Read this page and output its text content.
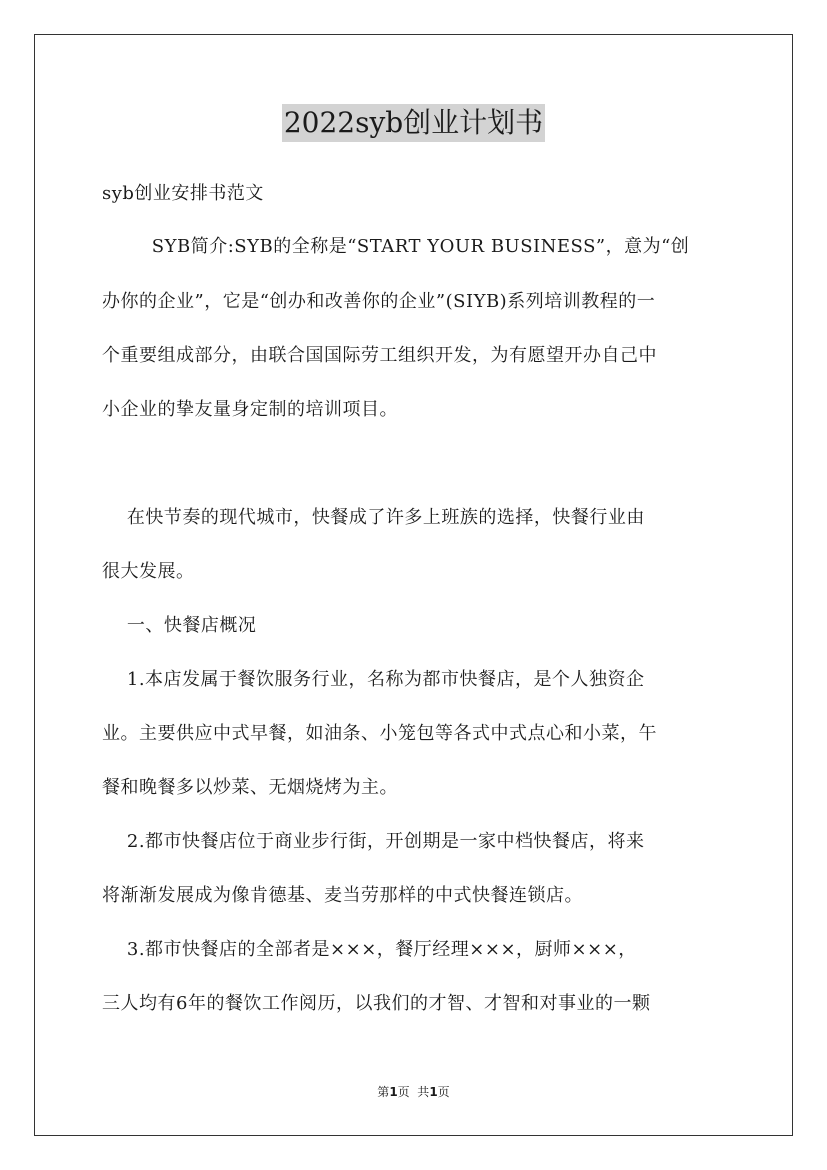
2022syb创业计划书
syb创业安排书范文
SYB简介:SYB的全称是“START YOUR BUSINESS”，意为“创
办你的企业”，它是“创办和改善你的企业”(SIYB)系列培训教程的一
个重要组成部分，由联合国国际劳工组织开发，为有愿望开办自己中
小企业的挚友量身定制的培训项目。
在快节奏的现代城市，快餐成了许多上班族的选择，快餐行业由
很大发展。
一、快餐店概况
1.本店发属于餐饮服务行业，名称为都市快餐店，是个人独资企
业。主要供应中式早餐，如油条、小笼包等各式中式点心和小菜，午
餐和晚餐多以炒菜、无烟烧烤为主。
2.都市快餐店位于商业步行街，开创期是一家中档快餐店，将来
将渐渐发展成为像肯德基、麦当劳那样的中式快餐连锁店。
3.都市快餐店的全部者是×××，餐厅经理×××，厨师×××，
三人均有6年的餐饮工作阅历，以我们的才智、才智和对事业的一颗
第1页  共1页
